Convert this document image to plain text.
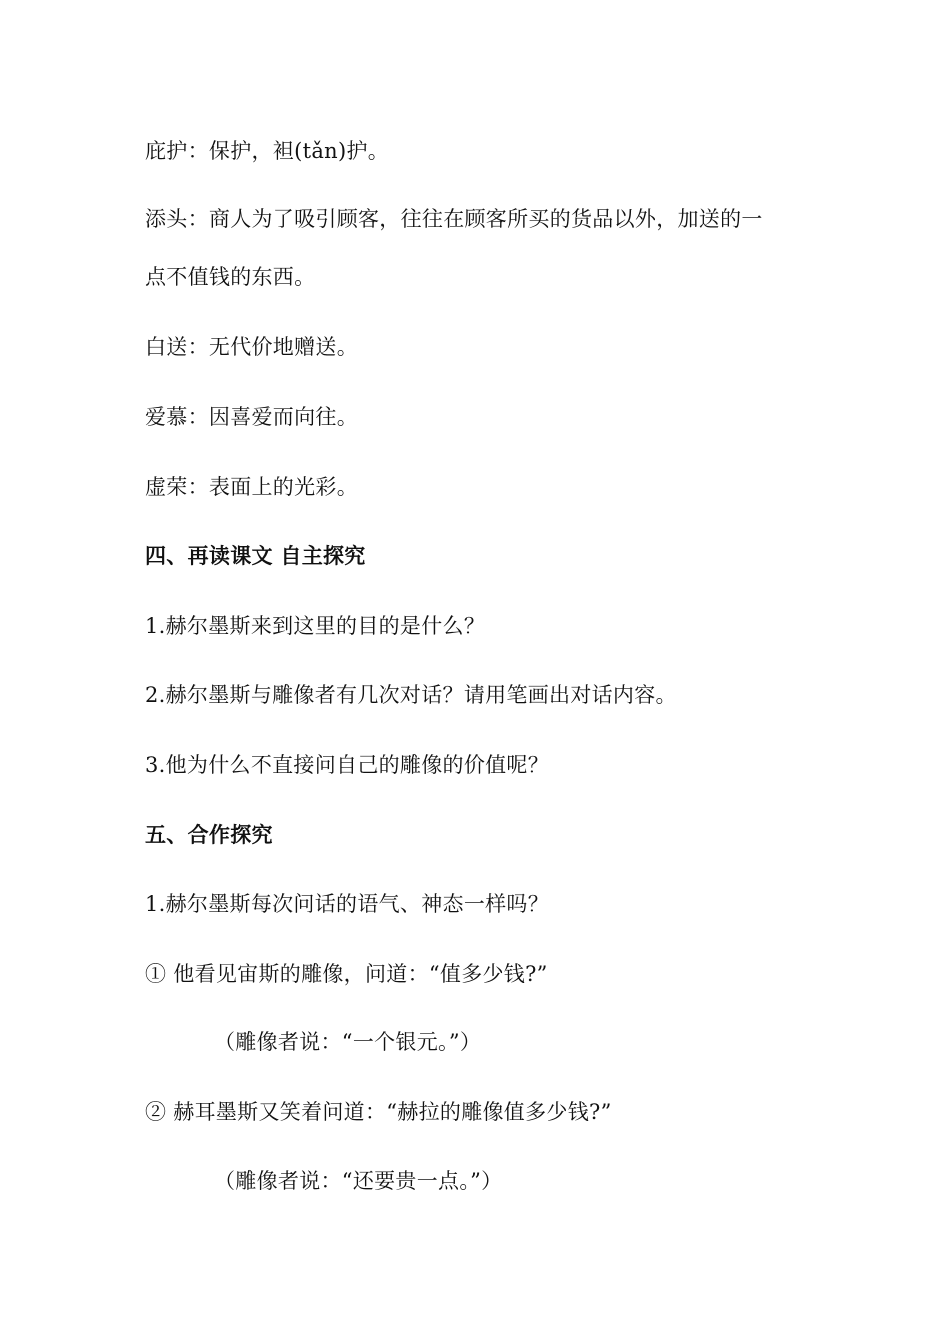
庇护：保护，袒(tǎn)护。
添头：商人为了吸引顾客，往往在顾客所买的货品以外，加送的一
点不值钱的东西。
白送：无代价地赠送。
爱慕：因喜爱而向往。
虚荣：表面上的光彩。
四、再读课文 自主探究
1.赫尔墨斯来到这里的目的是什么？
2.赫尔墨斯与雕像者有几次对话？请用笔画出对话内容。
3.他为什么不直接问自己的雕像的价值呢？
五、合作探究
1.赫尔墨斯每次问话的语气、神态一样吗？
① 他看见宙斯的雕像，问道：“值多少钱?”
（雕像者说：“一个银元。”）
② 赫耳墨斯又笑着问道：“赫拉的雕像值多少钱?”
（雕像者说：“还要贵一点。”）
